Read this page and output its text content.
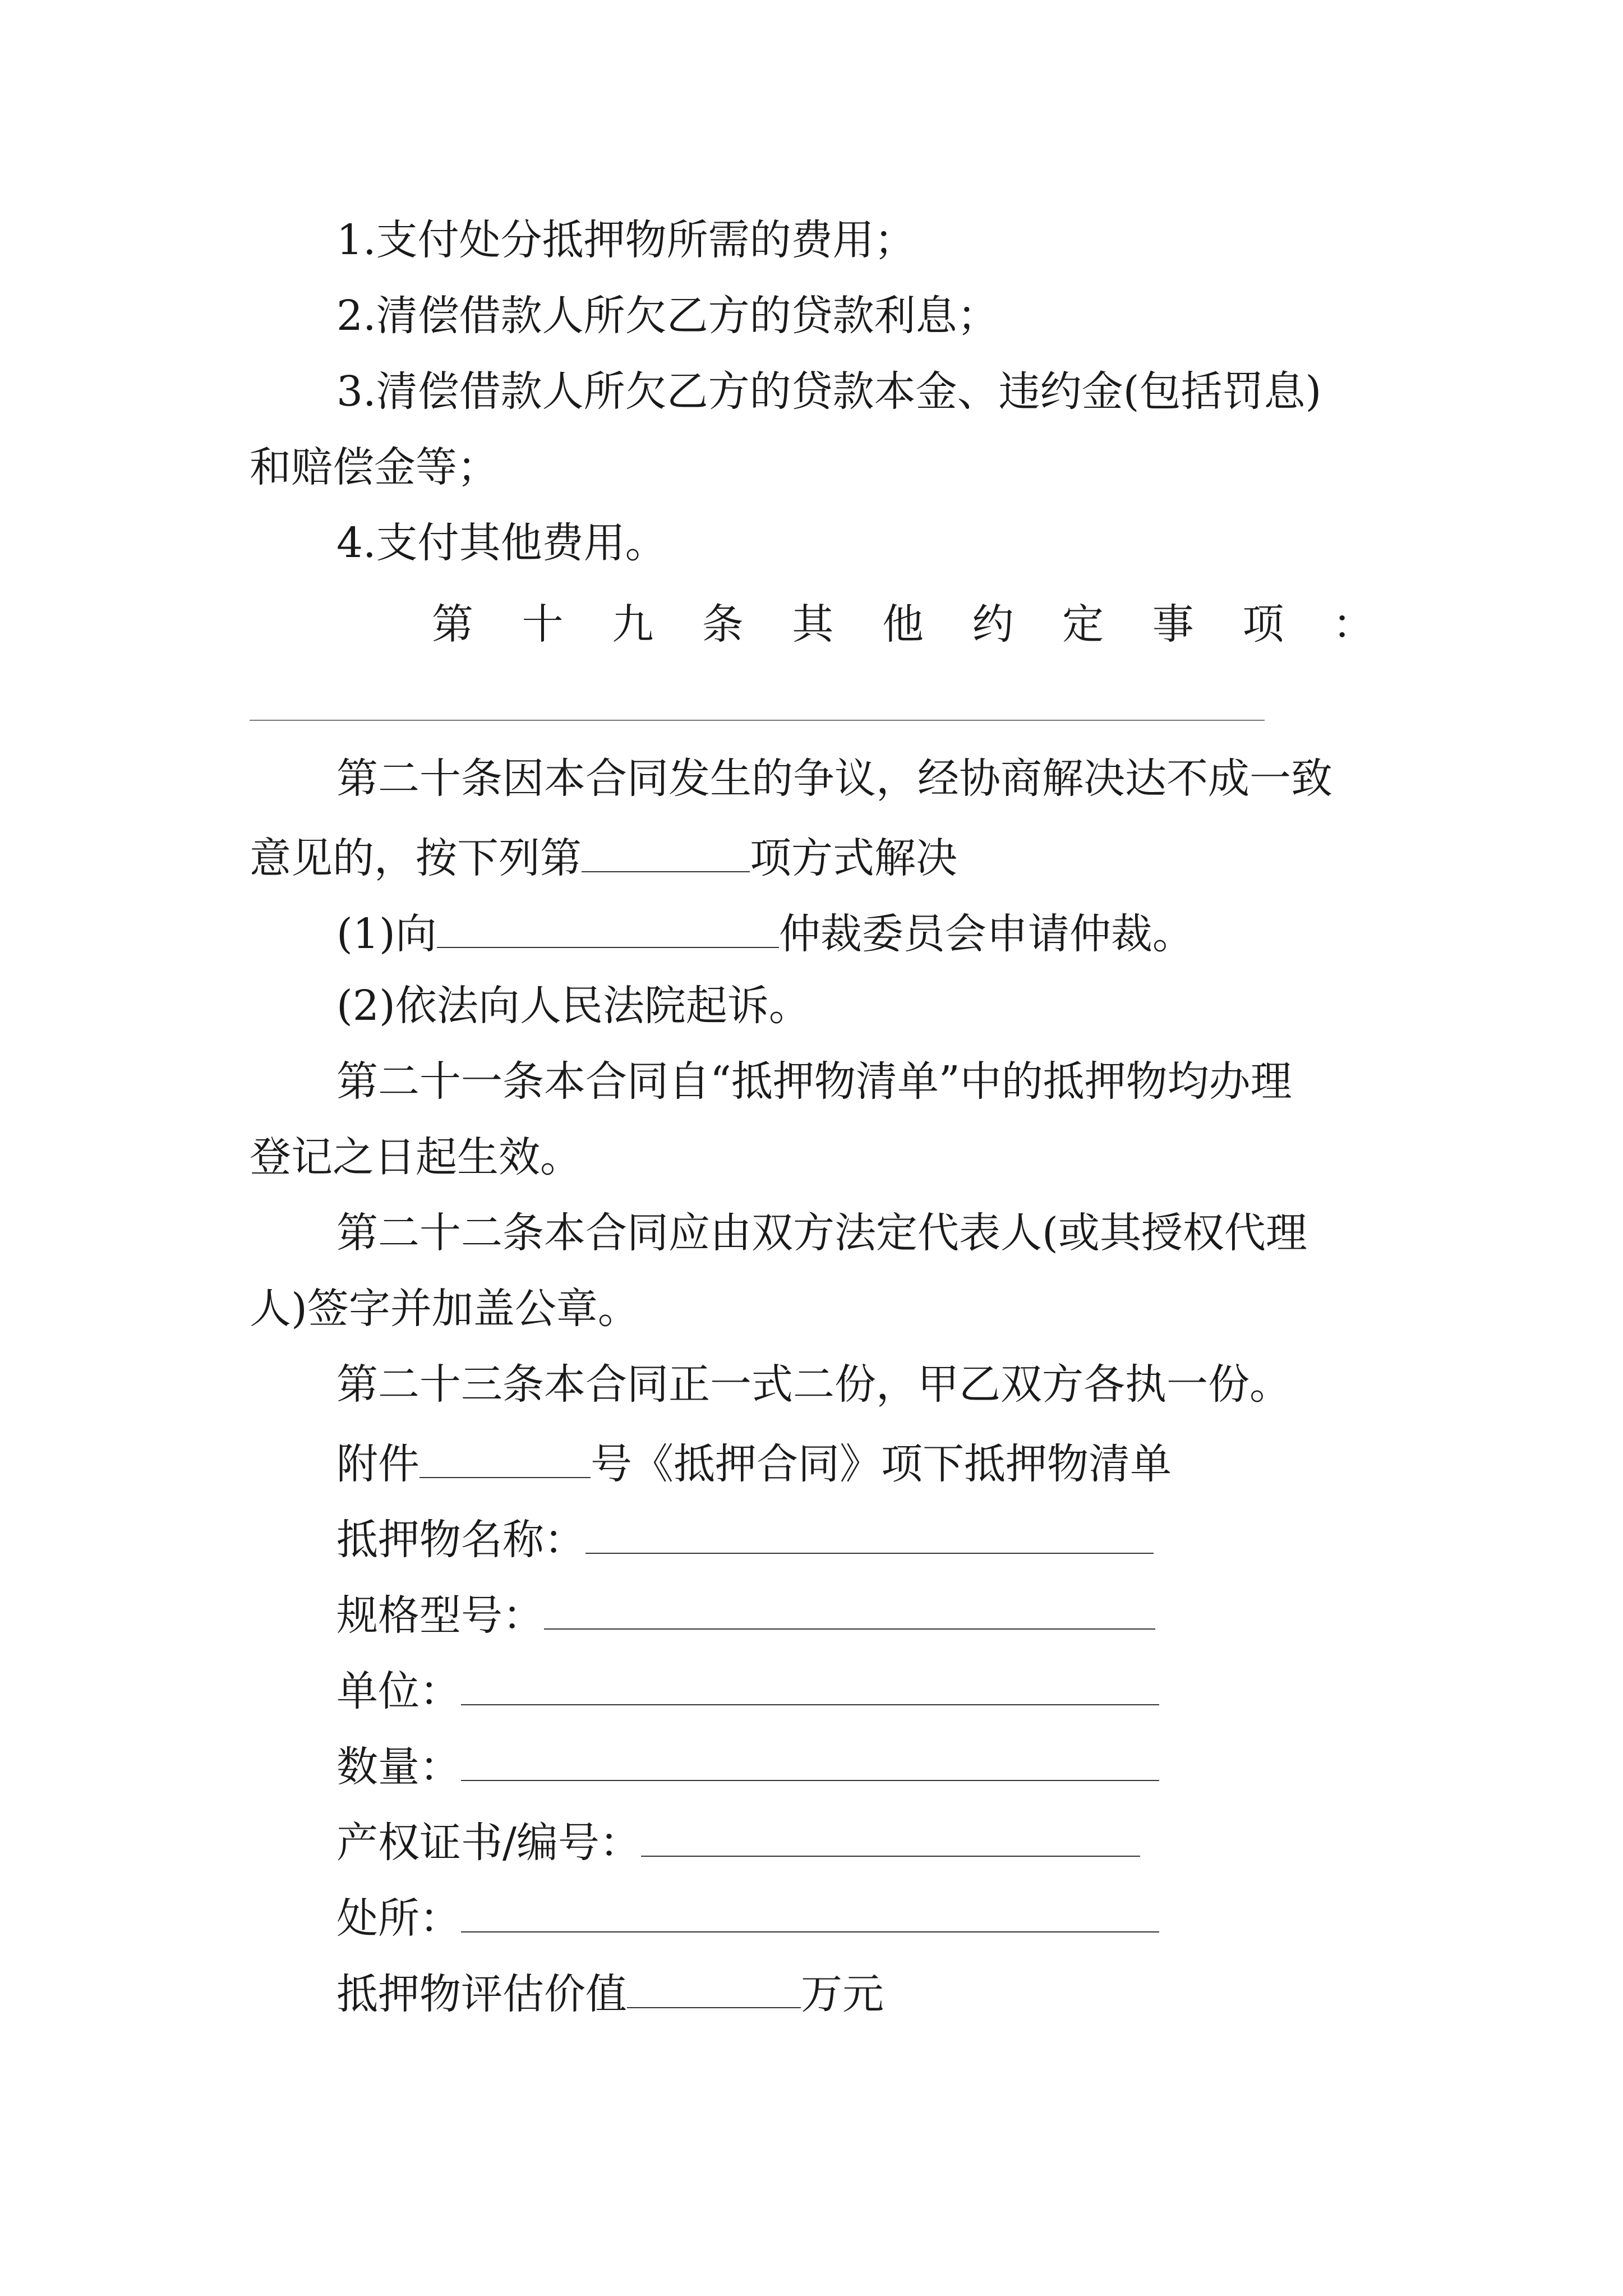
1.支付处分抵押物所需的费用；
2.清偿借款人所欠乙方的贷款利息；
3.清偿借款人所欠乙方的贷款本金、违约金(包括罚息)
和赔偿金等；
4.支付其他费用。
第 十 九 条 其 他 约 定 事 项 ：
第二十条因本合同发生的争议，经协商解决达不成一致
意见的，按下列第	项方式解决
(1)向	仲裁委员会申请仲裁。
(2)依法向人民法院起诉。
第二十一条本合同自“抵押物清单”中的抵押物均办理
登记之日起生效。
第二十二条本合同应由双方法定代表人(或其授权代理
人)签字并加盖公章。
第二十三条本合同正一式二份，甲乙双方各执一份。
附件	号《抵押合同》项下抵押物清单
抵押物名称：
规格型号：
单位：
数量：
产权证书/编号：
处所：
抵押物评估价值	万元
